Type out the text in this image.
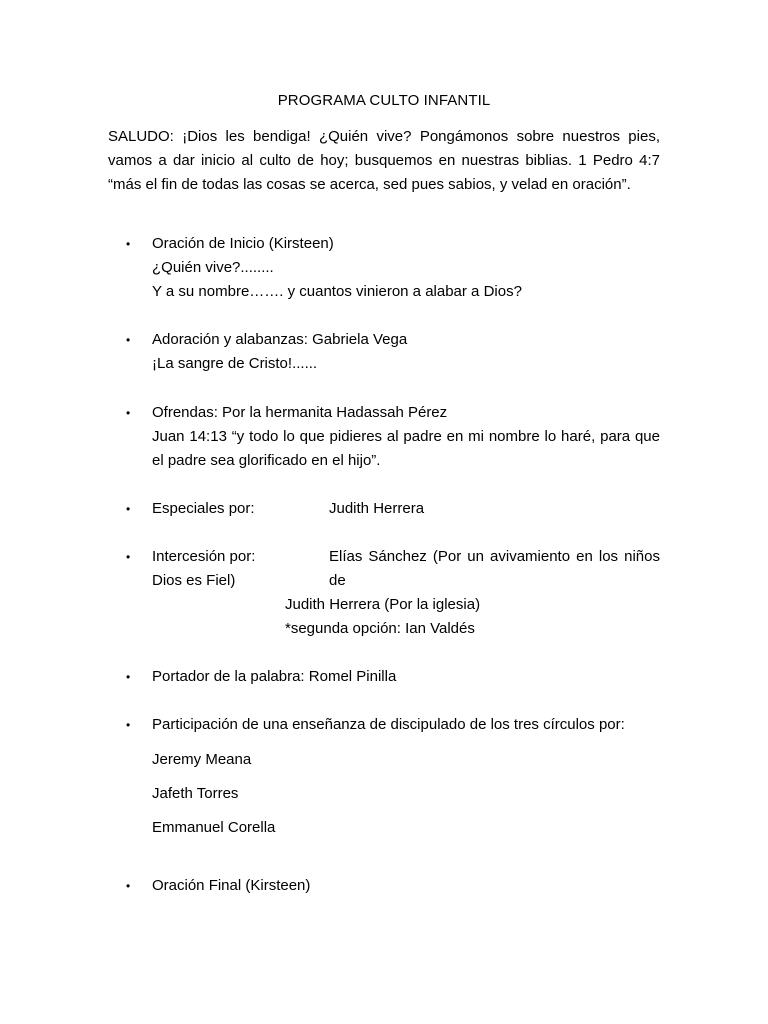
PROGRAMA CULTO INFANTIL
SALUDO: ¡Dios les bendiga! ¿Quién vive? Pongámonos sobre nuestros pies, vamos a dar inicio al culto de hoy; busquemos en nuestras biblias. 1 Pedro 4:7 “más el fin de todas las cosas se acerca, sed pues sabios, y velad en oración”.
•	Oración de Inicio (Kirsteen)
¿Quién vive?........
Y a su nombre……. y cuantos vinieron a alabar a Dios?
•	Adoración y alabanzas: Gabriela Vega
¡La sangre de Cristo!......
•	Ofrendas: Por la hermanita Hadassah Pérez
Juan 14:13 “y todo lo que pidieres al padre en mi nombre lo haré, para que el padre sea glorificado en el hijo”.
•	Especiales por:	Judith Herrera
•	Intercesión por:	Elías Sánchez (Por un avivamiento en los niños de
Dios es Fiel)
Judith Herrera (Por la iglesia)
*segunda opción: Ian Valdés
•	Portador de la palabra: Romel Pinilla
•	Participación de una enseñanza de discipulado de los tres círculos por:
Jeremy Meana
Jafeth Torres
Emmanuel Corella
•	Oración Final (Kirsteen)
